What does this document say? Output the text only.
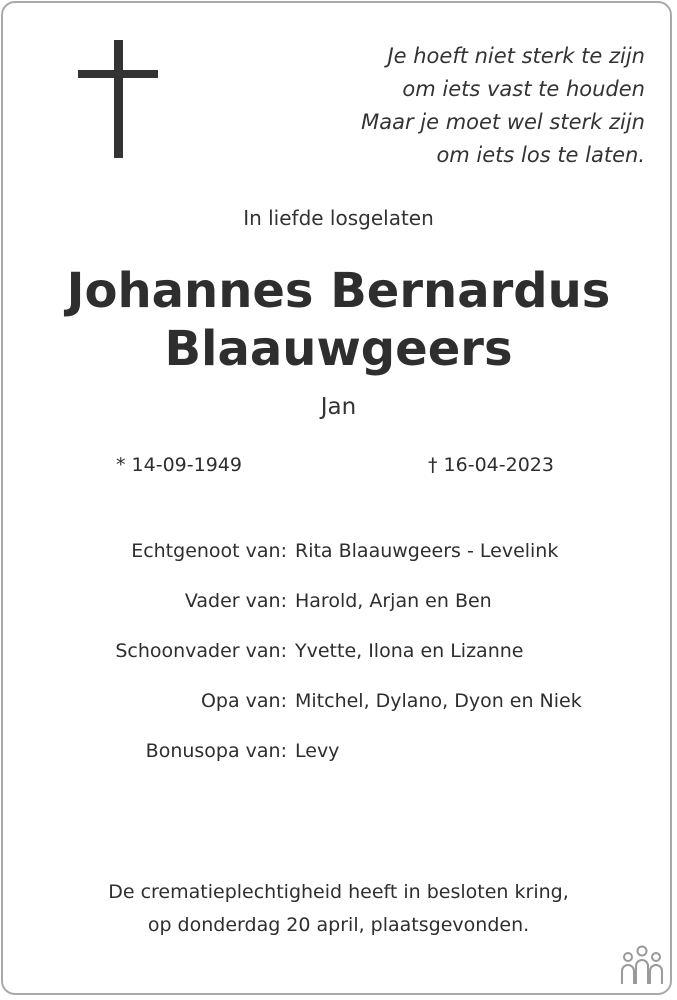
Je hoeft niet sterk te zijn
om iets vast te houden
Maar je moet wel sterk zijn
om iets los te laten.
In liefde losgelaten
Johannes Bernardus
Blaauwgeers
Jan
* 14-09-1949	† 16-04-2023
Echtgenoot van: Rita Blaauwgeers - Levelink
Vader van: Harold, Arjan en Ben
Schoonvader van: Yvette, Ilona en Lizanne
Opa van: Mitchel, Dylano, Dyon en Niek
Bonusopa van: Levy
De crematieplechtigheid heeft in besloten kring,
op donderdag 20 april, plaatsgevonden.
